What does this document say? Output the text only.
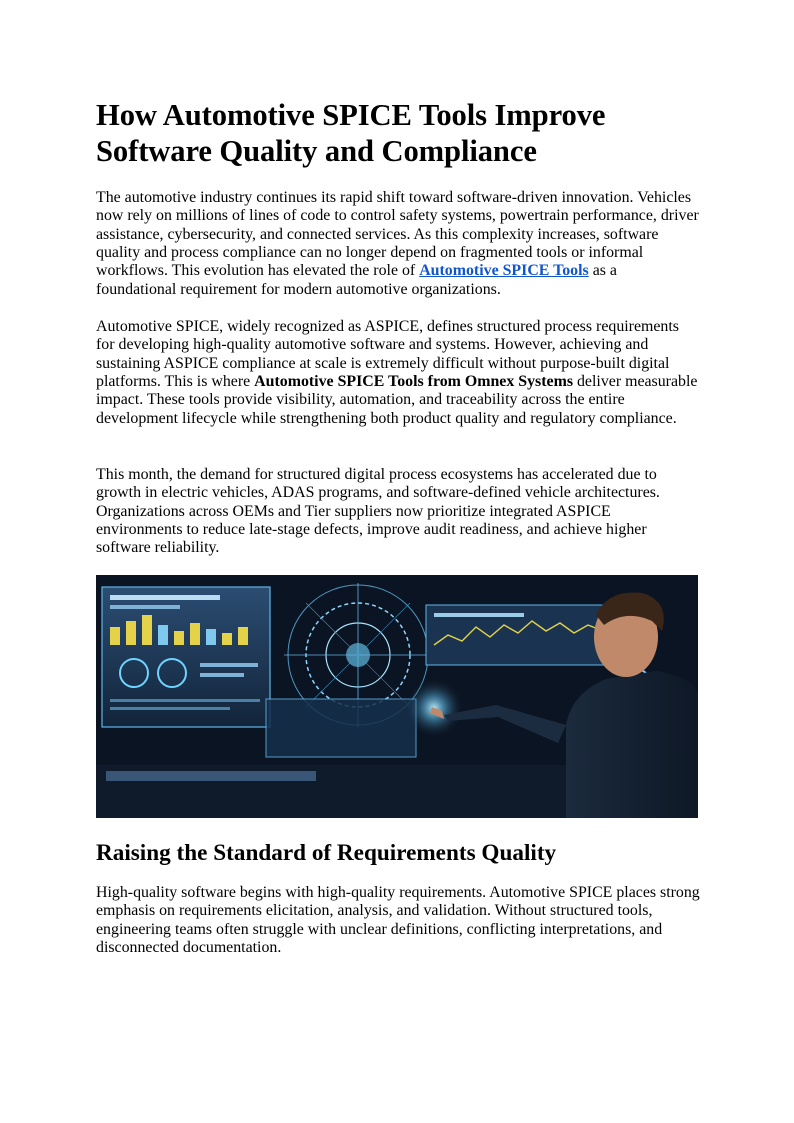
How Automotive SPICE Tools Improve Software Quality and Compliance

The automotive industry continues its rapid shift toward software-driven innovation. Vehicles now rely on millions of lines of code to control safety systems, powertrain performance, driver assistance, cybersecurity, and connected services. As this complexity increases, software quality and process compliance can no longer depend on fragmented tools or informal workflows. This evolution has elevated the role of Automotive SPICE Tools as a foundational requirement for modern automotive organizations.

Automotive SPICE, widely recognized as ASPICE, defines structured process requirements for developing high-quality automotive software and systems. However, achieving and sustaining ASPICE compliance at scale is extremely difficult without purpose-built digital platforms. This is where Automotive SPICE Tools from Omnex Systems deliver measurable impact. These tools provide visibility, automation, and traceability across the entire development lifecycle while strengthening both product quality and regulatory compliance.

This month, the demand for structured digital process ecosystems has accelerated due to growth in electric vehicles, ADAS programs, and software-defined vehicle architectures. Organizations across OEMs and Tier suppliers now prioritize integrated ASPICE environments to reduce late-stage defects, improve audit readiness, and achieve higher software reliability.

Raising the Standard of Requirements Quality

High-quality software begins with high-quality requirements. Automotive SPICE places strong emphasis on requirements elicitation, analysis, and validation. Without structured tools, engineering teams often struggle with unclear definitions, conflicting interpretations, and disconnected documentation.
